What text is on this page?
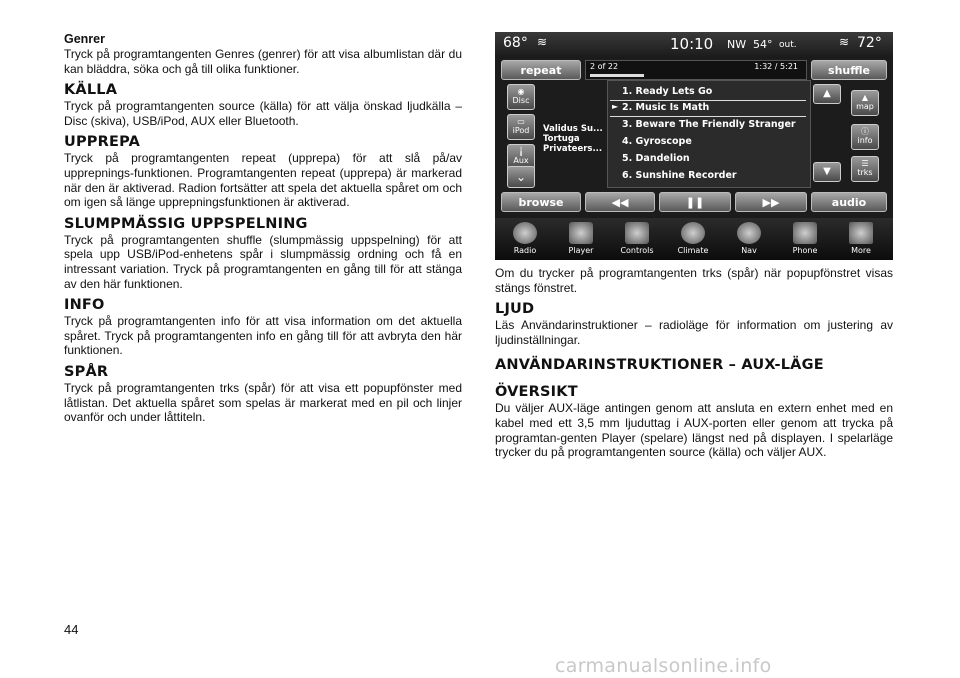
Genrer

Tryck på programtangenten Genres (genrer) för att visa albumlistan där du kan bläddra, söka och gå till olika funktioner.

KÄLLA

Tryck på programtangenten source (källa) för att välja önskad ljudkälla – Disc (skiva), USB/iPod, AUX eller Bluetooth.

UPPREPA

Tryck på programtangenten repeat (upprepa) för att slå på/av upprepnings-funktionen. Programtangenten repeat (upprepa) är markerad när den är aktiverad. Radion fortsätter att spela det aktuella spåret om och om igen så länge upprepningsfunktionen är aktiverad.

SLUMPMÄSSIG UPPSPELNING

Tryck på programtangenten shuffle (slumpmässig uppspelning) för att spela upp USB/iPod-enhetens spår i slumpmässig ordning och få en intressant variation. Tryck på programtangenten en gång till för att stänga av den här funktionen.

INFO

Tryck på programtangenten info för att visa information om det aktuella spåret. Tryck på programtangenten info en gång till för att avbryta den här funktionen.

SPÅR

Tryck på programtangenten trks (spår) för att visa ett popupfönster med låtlistan. Det aktuella spåret som spelas är markerat med en pil och linjer ovanför och under låttiteln.

68° ≋	10:10 NW 54° out.	≋ 72°
repeat	2 of 22	1:32 / 5:21	shuffle
◉
Disc
▭
iPod
╽
Aux
⌄
Validus Su...
Tortuga
Privateers...
1. Ready Lets Go
► 2. Music Is Math
3. Beware The Friendly Stranger
4. Gyroscope
5. Dandelion
6. Sunshine Recorder
▲
▼
▲
map
ⓘ
info
☰
trks
browse	◀◀	❚❚	▶▶	audio
Radio	Player	Controls	Climate	Nav	Phone	More

Om du trycker på programtangenten trks (spår) när popupfönstret visas stängs fönstret.

LJUD

Läs Användarinstruktioner – radioläge för information om justering av ljudinställningar.

ANVÄNDARINSTRUKTIONER – AUX-LÄGE
ÖVERSIKT

Du väljer AUX-läge antingen genom att ansluta en extern enhet med en kabel med ett 3,5 mm ljuduttag i AUX-porten eller genom att trycka på programtan-genten Player (spelare) längst ned på displayen. I spelarläge trycker du på programtangenten source (källa) och väljer AUX.

44
carmanualsonline.info
